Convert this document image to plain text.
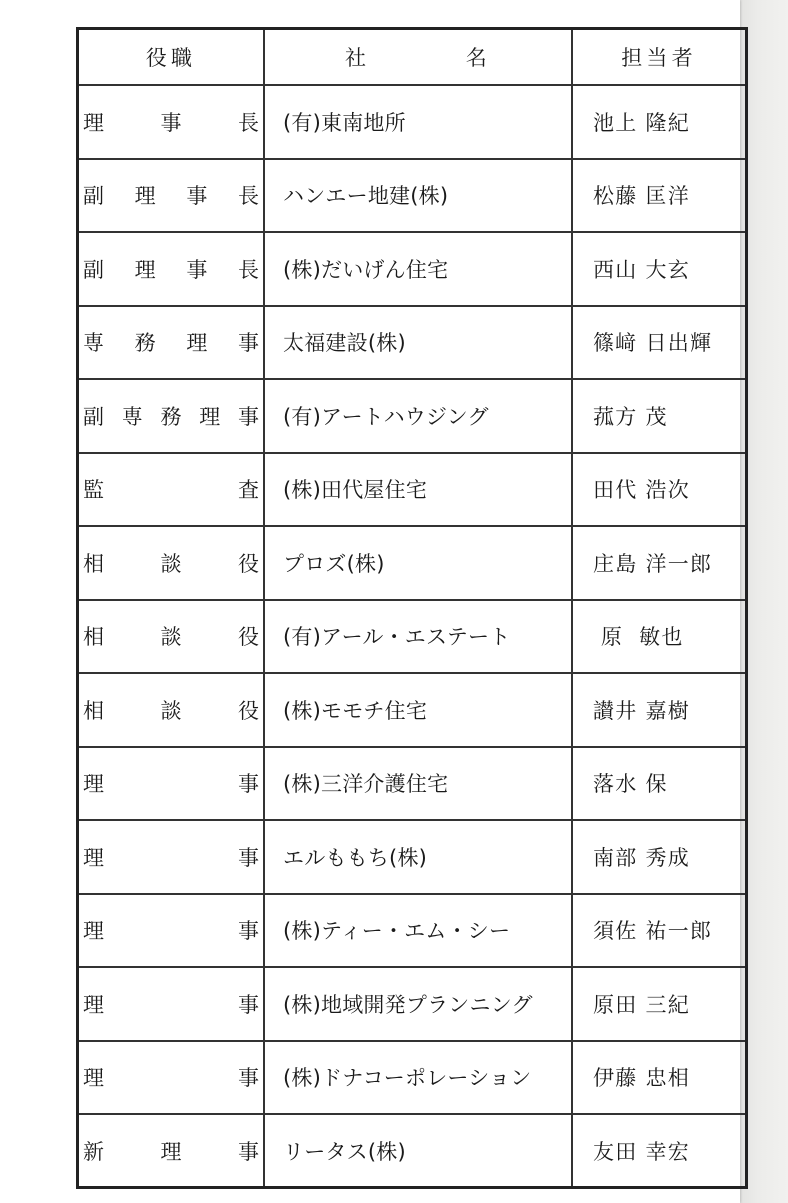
役職	社 名	担当者

理 事 長	(有)東南地所	池上 隆紀

副 理 事 長	ハンエー地建(株)	松藤 匡洋

副 理 事 長	(株)だいげん住宅	西山 大玄

専 務 理 事	太福建設(株)	篠﨑 日出輝

副 専 務 理 事	(有)アートハウジング	菰方 茂

監 査	(株)田代屋住宅	田代 浩次

相 談 役	プロズ(株)	庄島 洋一郎

相 談 役	(有)アール・エステート	原  敏也

相 談 役	(株)モモチ住宅	讃井 嘉樹

理 事	(株)三洋介護住宅	落水 保

理 事	エルももち(株)	南部 秀成

理 事	(株)ティー・エム・シー	須佐 祐一郎

理 事	(株)地域開発プランニング	原田 三紀

理 事	(株)ドナコーポレーション	伊藤 忠相

新 理 事	リータス(株)	友田 幸宏
